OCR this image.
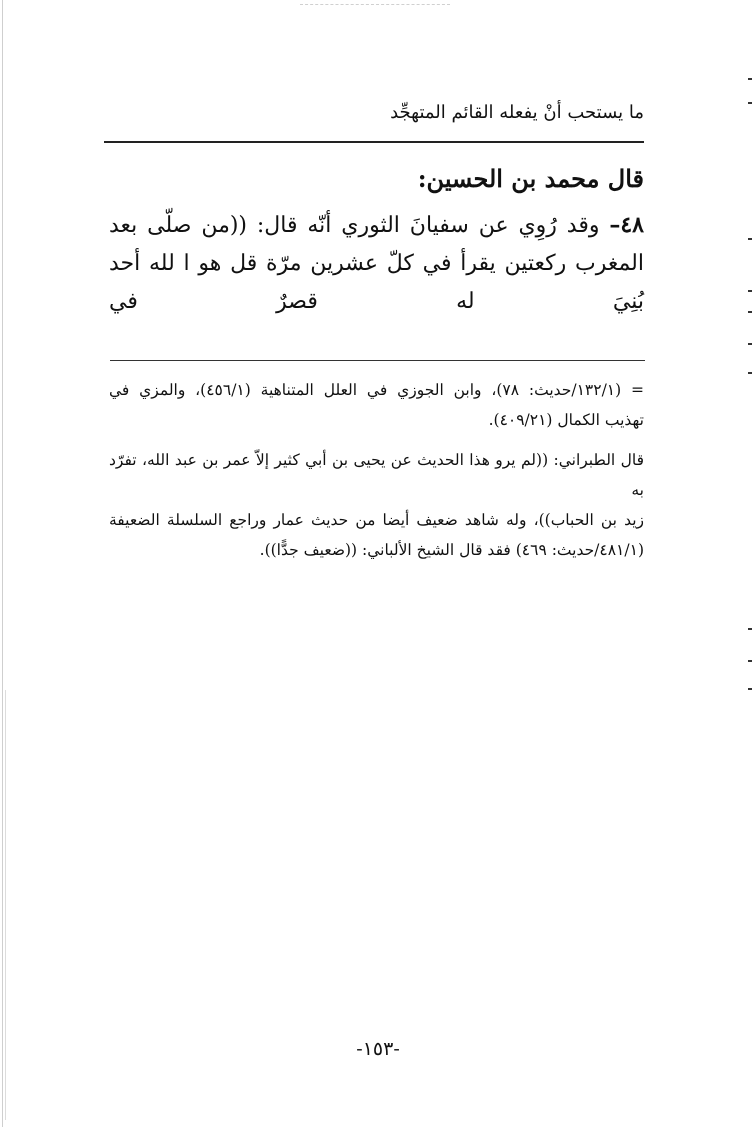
ما يستحب أنْ يفعله القائم المتهجِّد
قال محمد بن الحسين:
٤٨– وقد رُوِي عن سفيانَ الثوري أنّه قال: ((من صلّى بعد
المغرب ركعتين يقرأ في كلّ عشرين مرّة قل هو ا لله أحد بُنِيَ له قصرٌ في
= (١٣٢/١/حديث: ٧٨)، وابن الجوزي في العلل المتناهية (٤٥٦/١)، والمزي في
تهذيب الكمال (٤٠٩/٢١).
قال الطبراني: ((لم يرو هذا الحديث عن يحيى بن أبي كثير إلاّ عمر بن عبد الله، تفرّد به
زيد بن الحباب))، وله شاهد ضعيف أيضا من حديث عمار وراجع السلسلة الضعيفة
(٤٨١/١/حديث: ٤٦٩) فقد قال الشيخ الألباني: ((ضعيف جدًّا)).
-١٥٣-
